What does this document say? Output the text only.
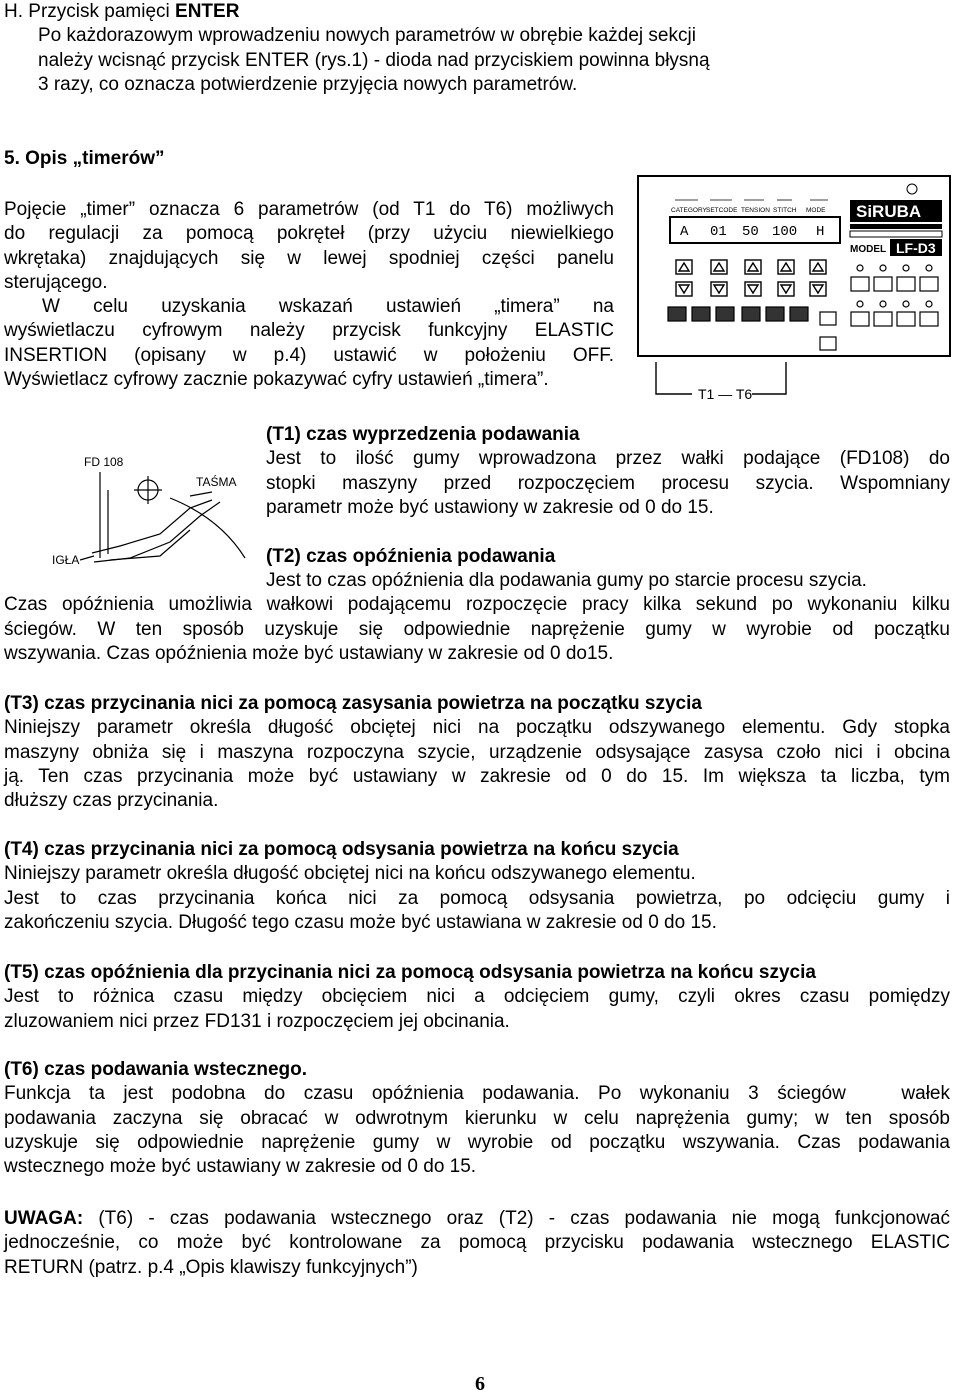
H. Przycisk pamięci ENTER
Po każdorazowym wprowadzeniu nowych parametrów w obrębie każdej sekcji
należy wcisnąć przycisk ENTER (rys.1) - dioda nad przyciskiem powinna błysną
3 razy, co oznacza potwierdzenie przyjęcia nowych parametrów.
5. Opis „timerów”
Pojęcie „timer” oznacza 6 parametrów (od T1 do T6) możliwych
do regulacji za pomocą pokręteł (przy użyciu niewielkiego
wkrętaka) znajdujących się w lewej spodniej części panelu
sterującego.
W celu uzyskania wskazań ustawień „timera” na
wyświetlaczu cyfrowym należy przycisk funkcyjny ELASTIC
INSERTION (opisany w p.4) ustawić w położeniu OFF.
Wyświetlacz cyfrowy zacznie pokazywać cyfry ustawień „timera”.
CATEGORY SETCODE TENSION STITCH MODE
A 01 50 100 H
SiRUBA
MODEL LF-D3
T1 — T6
FD 108
TAŚMA
IGŁA
(T1) czas wyprzedzenia podawania
Jest to ilość gumy wprowadzona przez wałki podające (FD108) do
stopki maszyny przed rozpoczęciem procesu szycia. Wspomniany
parametr może być ustawiony w zakresie od 0 do 15.
(T2) czas opóźnienia podawania
Jest to czas opóźnienia dla podawania gumy po starcie procesu szycia.
Czas opóźnienia umożliwia wałkowi podającemu rozpoczęcie pracy kilka sekund po wykonaniu kilku
ściegów. W ten sposób uzyskuje się odpowiednie naprężenie gumy w wyrobie od początku
wszywania. Czas opóźnienia może być ustawiany w zakresie od 0 do15.
(T3) czas przycinania nici za pomocą zasysania powietrza na początku szycia
Niniejszy parametr określa długość obciętej nici na początku odszywanego elementu. Gdy stopka
maszyny obniża się i maszyna rozpoczyna szycie, urządzenie odsysające zasysa czoło nici i obcina
ją. Ten czas przycinania może być ustawiany w zakresie od 0 do 15. Im większa ta liczba, tym
dłuższy czas przycinania.
(T4) czas przycinania nici za pomocą odsysania powietrza na końcu szycia
Niniejszy parametr określa długość obciętej nici na końcu odszywanego elementu.
Jest to czas przycinania końca nici za pomocą odsysania powietrza, po odcięciu gumy i
zakończeniu szycia. Długość tego czasu może być ustawiana w zakresie od 0 do 15.
(T5) czas opóźnienia dla przycinania nici za pomocą odsysania powietrza na końcu szycia
Jest to różnica czasu między obcięciem nici a odcięciem gumy, czyli okres czasu pomiędzy
zluzowaniem nici przez FD131 i rozpoczęciem jej obcinania.
(T6) czas podawania wstecznego.
Funkcja ta jest podobna do czasu opóźnienia podawania. Po wykonaniu 3 ściegów   wałek
podawania zaczyna się obracać w odwrotnym kierunku w celu naprężenia gumy; w ten sposób
uzyskuje się odpowiednie naprężenie gumy w wyrobie od początku wszywania. Czas podawania
wstecznego może być ustawiany w zakresie od 0 do 15.
UWAGA: (T6) - czas podawania wstecznego oraz (T2) - czas podawania nie mogą funkcjonować
jednocześnie, co może być kontrolowane za pomocą przycisku podawania wstecznego ELASTIC
RETURN (patrz. p.4 „Opis klawiszy funkcyjnych”)
6
